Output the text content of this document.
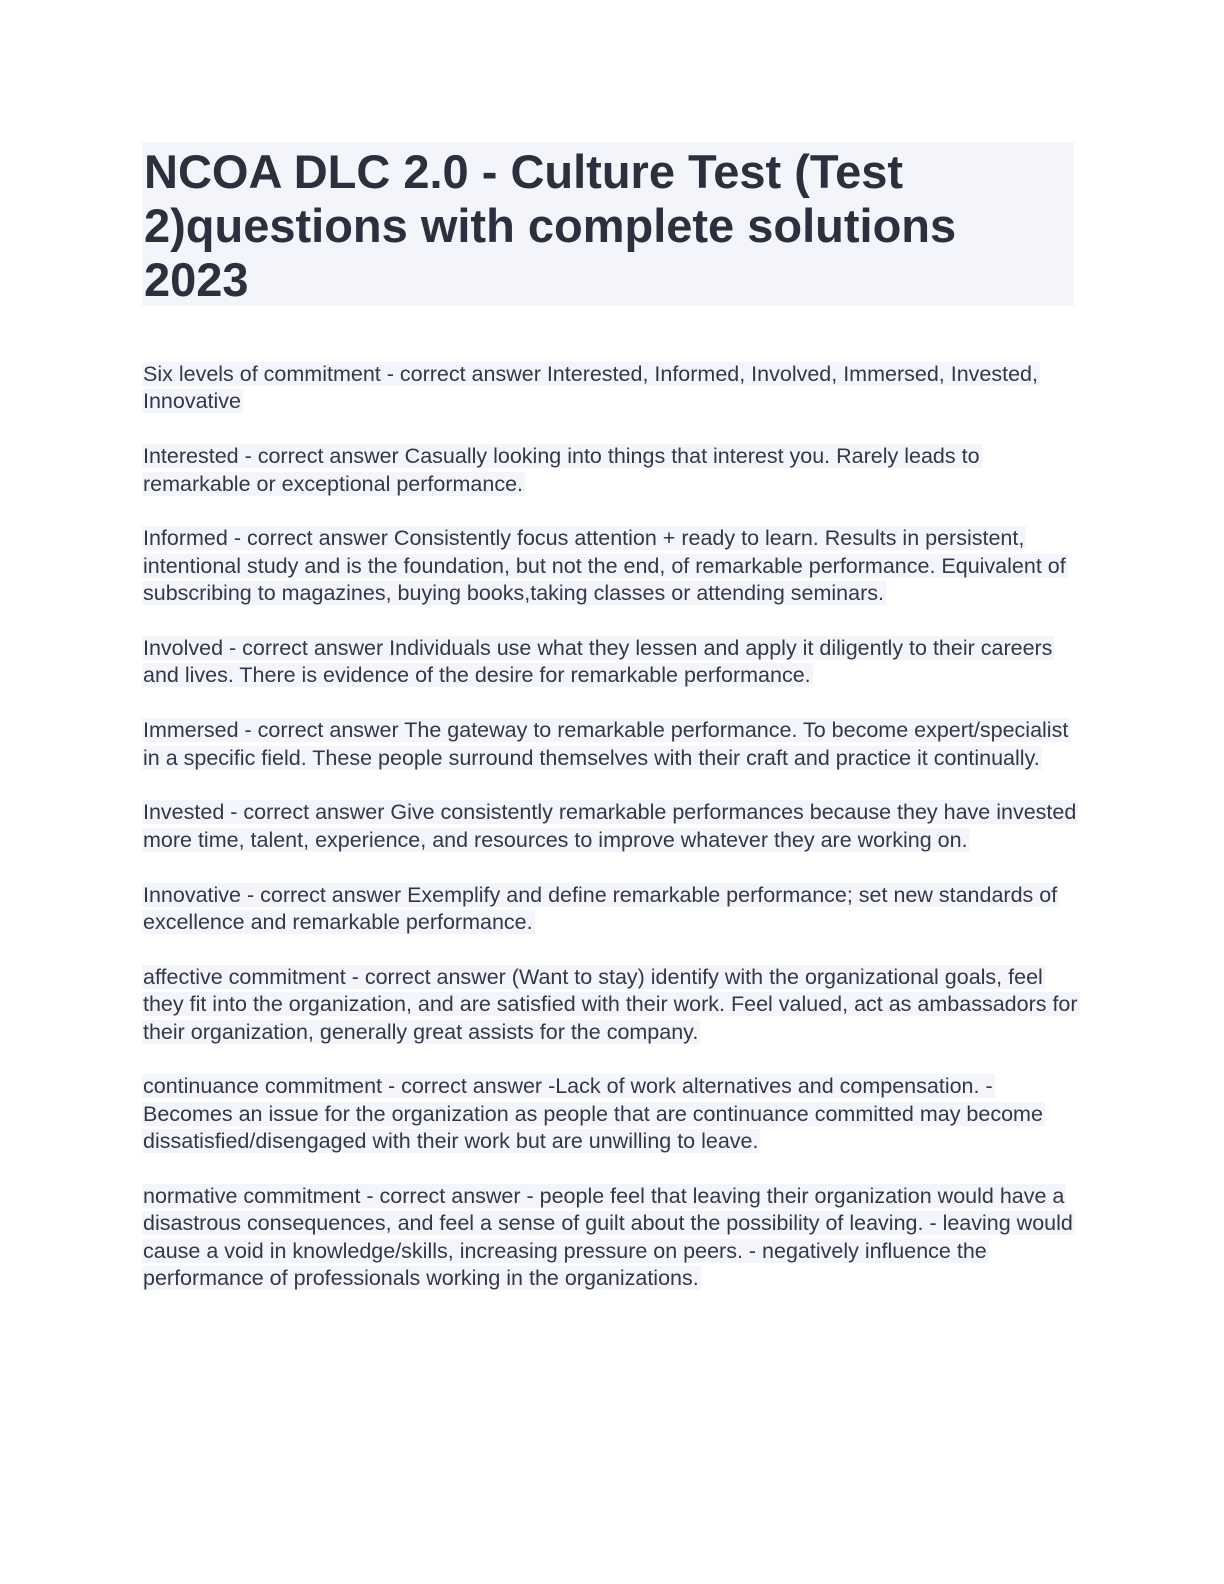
NCOA DLC 2.0 - Culture Test (Test 2)questions with complete solutions 2023

Six levels of commitment - correct answer Interested, Informed, Involved, Immersed, Invested, Innovative

Interested - correct answer Casually looking into things that interest you. Rarely leads to remarkable or exceptional performance.

Informed - correct answer Consistently focus attention + ready to learn. Results in persistent, intentional study and is the foundation, but not the end, of remarkable performance. Equivalent of subscribing to magazines, buying books,taking classes or attending seminars.

Involved - correct answer Individuals use what they lessen and apply it diligently to their careers and lives. There is evidence of the desire for remarkable performance.

Immersed - correct answer The gateway to remarkable performance. To become expert/specialist in a specific field. These people surround themselves with their craft and practice it continually.

Invested - correct answer Give consistently remarkable performances because they have invested more time, talent, experience, and resources to improve whatever they are working on.

Innovative - correct answer Exemplify and define remarkable performance; set new standards of excellence and remarkable performance.

affective commitment - correct answer (Want to stay) identify with the organizational goals, feel they fit into the organization, and are satisfied with their work. Feel valued, act as ambassadors for their organization, generally great assists for the company.

continuance commitment - correct answer -Lack of work alternatives and compensation. -Becomes an issue for the organization as people that are continuance committed may become dissatisfied/disengaged with their work but are unwilling to leave.

normative commitment - correct answer - people feel that leaving their organization would have a disastrous consequences, and feel a sense of guilt about the possibility of leaving. - leaving would cause a void in knowledge/skills, increasing pressure on peers. - negatively influence the performance of professionals working in the organizations.
